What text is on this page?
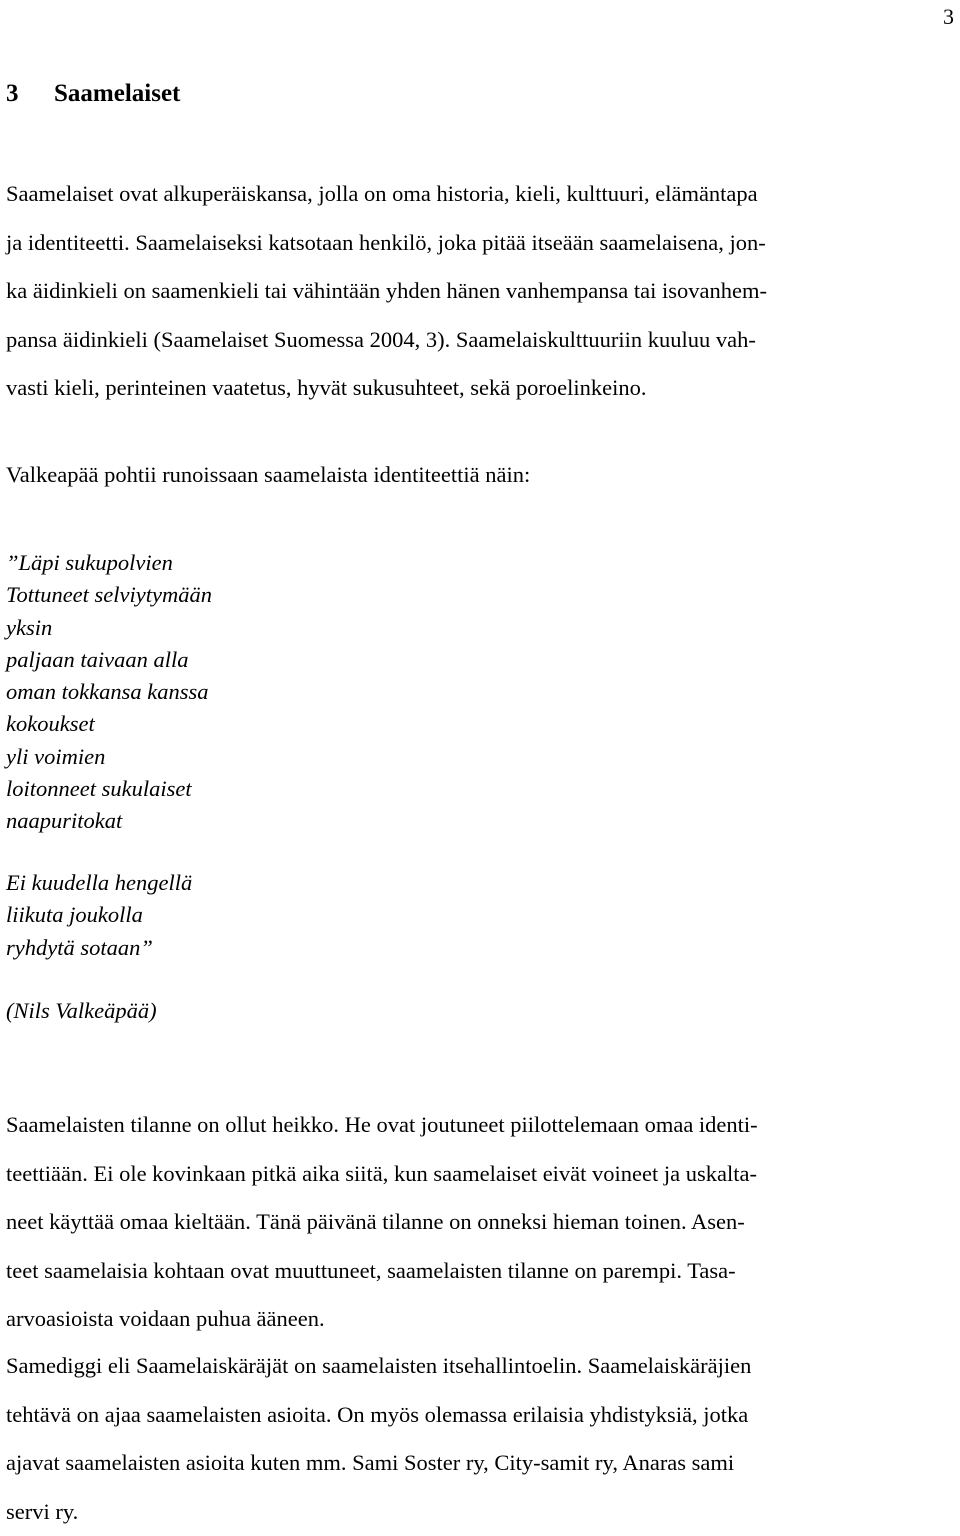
3
3 Saamelaiset

Saamelaiset ovat alkuperäiskansa, jolla on oma historia, kieli, kulttuuri, elämäntapa
ja identiteetti. Saamelaiseksi katsotaan henkilö, joka pitää itseään saamelaisena, jon-
ka äidinkieli on saamenkieli tai vähintään yhden hänen vanhempansa tai isovanhem-
pansa äidinkieli (Saamelaiset Suomessa 2004, 3). Saamelaiskulttuuriin kuuluu vah-
vasti kieli, perinteinen vaatetus, hyvät sukusuhteet, sekä poroelinkeino.

Valkeapää pohtii runoissaan saamelaista identiteettiä näin:

”Läpi sukupolvien
Tottuneet selviytymään
yksin
paljaan taivaan alla
oman tokkansa kanssa
kokoukset
yli voimien
loitonneet sukulaiset
naapuritokat
Ei kuudella hengellä
liikuta joukolla
ryhdytä sotaan”

(Nils Valkeäpää)

Saamelaisten tilanne on ollut heikko. He ovat joutuneet piilottelemaan omaa identi-
teettiään. Ei ole kovinkaan pitkä aika siitä, kun saamelaiset eivät voineet ja uskalta-
neet käyttää omaa kieltään. Tänä päivänä tilanne on onneksi hieman toinen. Asen-
teet saamelaisia kohtaan ovat muuttuneet, saamelaisten tilanne on parempi. Tasa-
arvoasioista voidaan puhua ääneen.

Samediggi eli Saamelaiskäräjät on saamelaisten itsehallintoelin. Saamelaiskäräjien
tehtävä on ajaa saamelaisten asioita. On myös olemassa erilaisia yhdistyksiä, jotka
ajavat saamelaisten asioita kuten mm. Sami Soster ry, City-samit ry, Anaras sami
servi ry.
